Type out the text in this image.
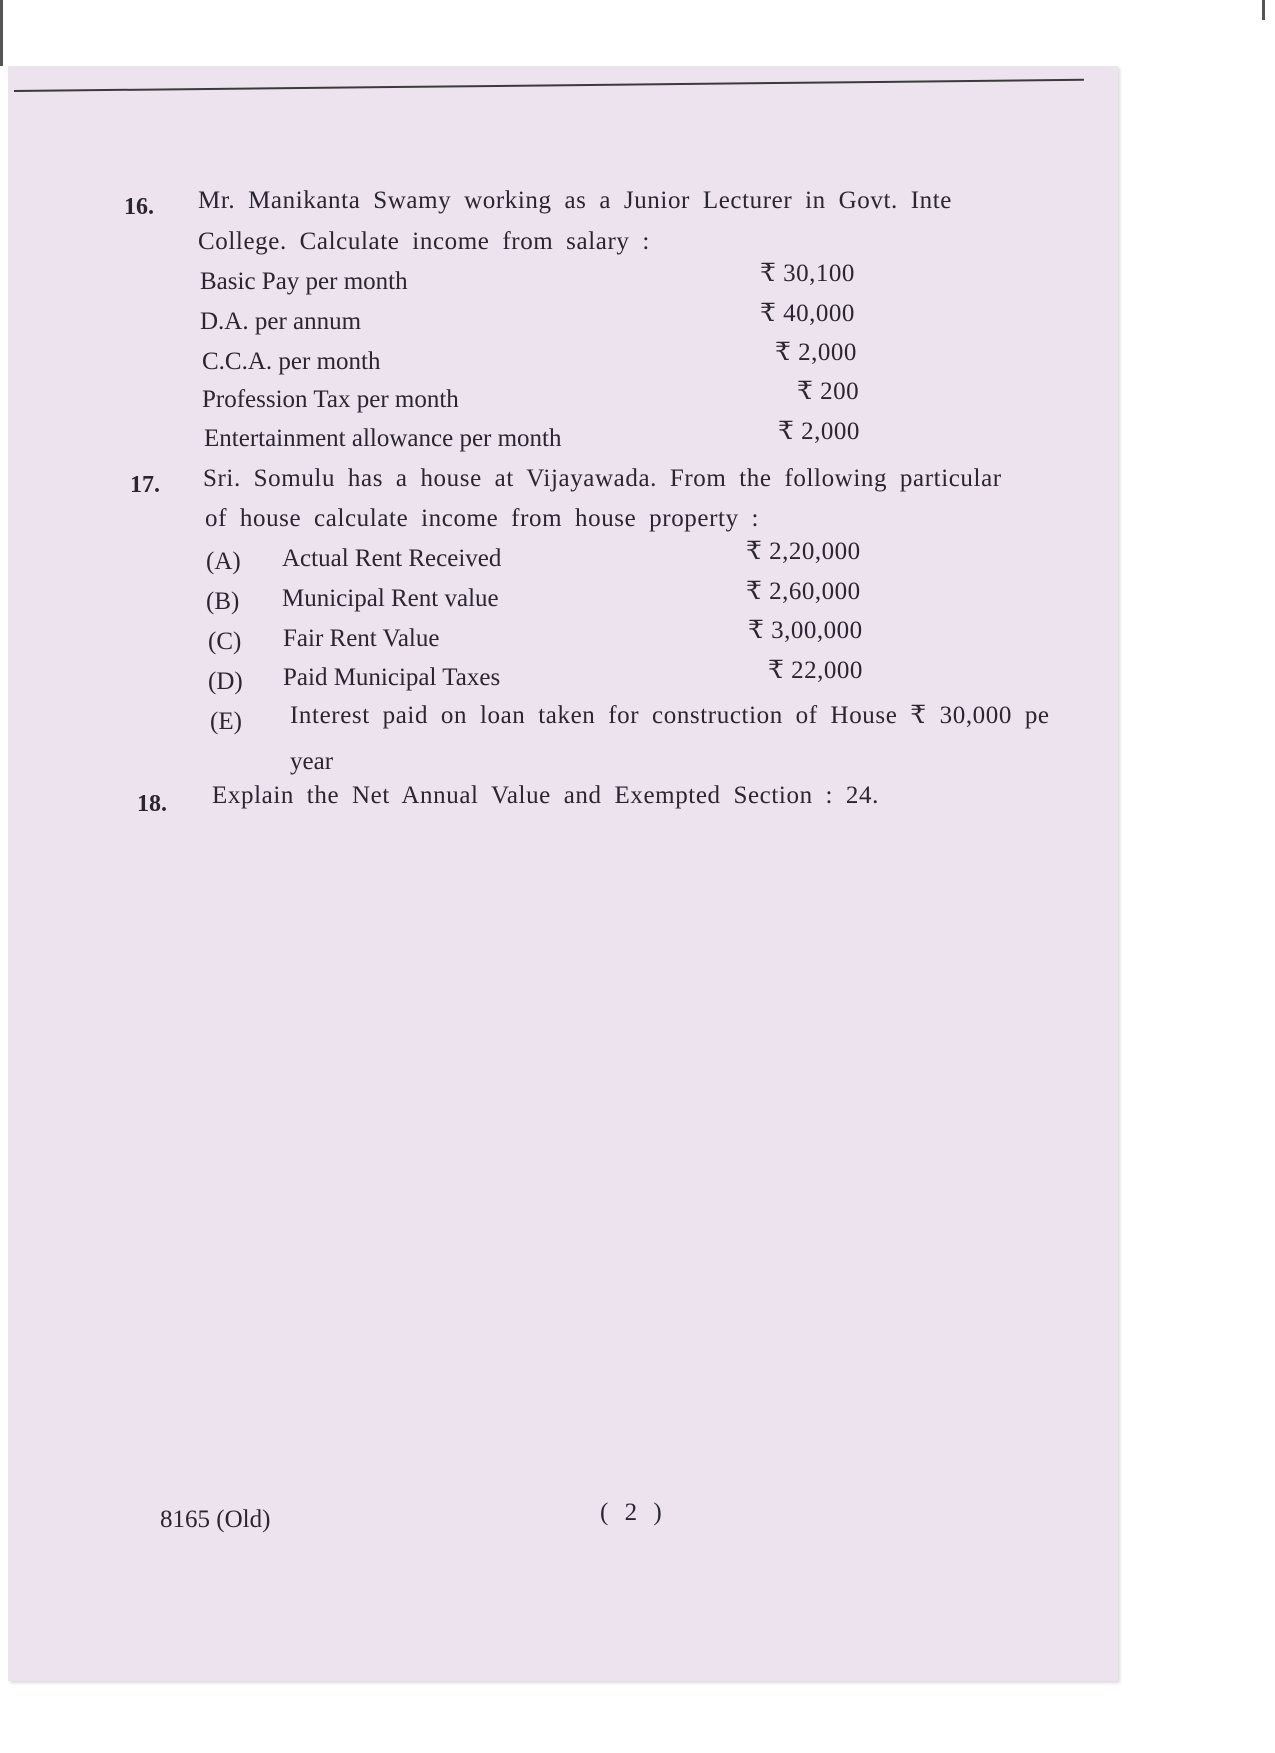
16. Mr. Manikanta Swamy working as a Junior Lecturer in Govt. Inte
College. Calculate income from salary :
Basic Pay per month	₹ 30,100
D.A. per annum	₹ 40,000
C.C.A. per month	₹ 2,000
Profession Tax per month	₹ 200
Entertainment allowance per month	₹ 2,000
17. Sri. Somulu has a house at Vijayawada. From the following particular
of house calculate income from house property :
(A) Actual Rent Received	₹ 2,20,000
(B) Municipal Rent value	₹ 2,60,000
(C) Fair Rent Value	₹ 3,00,000
(D) Paid Municipal Taxes	₹ 22,000
(E) Interest paid on loan taken for construction of House ₹ 30,000 pe
year
18. Explain the Net Annual Value and Exempted Section : 24.
8165 (Old)	( 2 )
